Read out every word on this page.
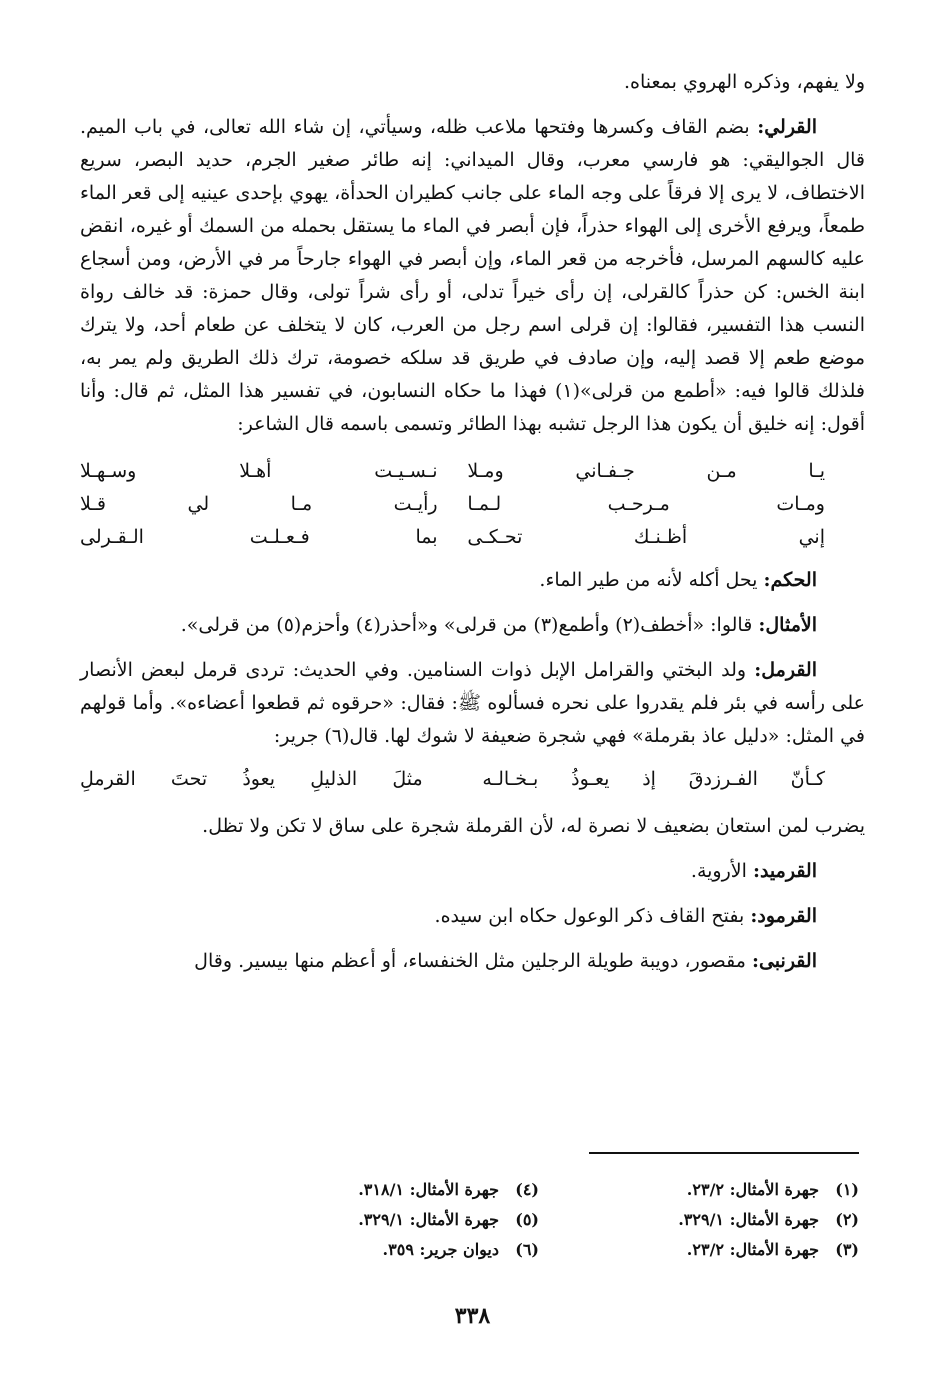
ولا يفهم، وذكره الهروي بمعناه.

القرلي: بضم القاف وكسرها وفتحها ملاعب ظله، وسيأتي، إن شاء الله تعالى، في باب الميم. قال الجواليقي: هو فارسي معرب، وقال الميداني: إنه طائر صغير الجرم، حديد البصر، سريع الاختطاف، لا يرى إلا فرقاً على وجه الماء على جانب كطيران الحدأة، يهوي بإحدى عينيه إلى قعر الماء طمعاً، ويرفع الأخرى إلى الهواء حذراً، فإن أبصر في الماء ما يستقل بحمله من السمك أو غيره، انقض عليه كالسهم المرسل، فأخرجه من قعر الماء، وإن أبصر في الهواء جارحاً مر في الأرض، ومن أسجاع ابنة الخس: كن حذراً كالقرلى، إن رأى خيراً تدلى، أو رأى شراً تولى، وقال حمزة: قد خالف رواة النسب هذا التفسير، فقالوا: إن قرلى اسم رجل من العرب، كان لا يتخلف عن طعام أحد، ولا يترك موضع طعم إلا قصد إليه، وإن صادف في طريق قد سلكه خصومة، ترك ذلك الطريق ولم يمر به، فلذلك قالوا فيه: «أطمع من قرلى»(١) فهذا ما حكاه النسابون، في تفسير هذا المثل، ثم قال: وأنا أقول: إنه خليق أن يكون هذا الرجل تشبه بهذا الطائر وتسمى باسمه قال الشاعر:

يـا مـن جـفـاني ومـلا
نـسـيـت أهـلا وسـهـلا
ومـات مـرحـب لـمـا
رأيـت مـا لي قـلا
إني أظـنـك تحـكـى
بما فـعـلـت الـقـرلى

الحكم: يحل أكله لأنه من طير الماء.

الأمثال: قالوا: «أخطف(٢) وأطمع(٣) من قرلى» و«أحذر(٤) وأحزم(٥) من قرلى».

القرمل: ولد البختي والقرامل الإبل ذوات السنامين. وفي الحديث: تردى قرمل لبعض الأنصار على رأسه في بئر فلم يقدروا على نحره فسألوه ﷺ: فقال: «حرقوه ثم قطعوا أعضاءه». وأما قولهم في المثل: «دليل عاذ بقرملة» فهي شجرة ضعيفة لا شوك لها. قال(٦) جرير:

كـأنّ الفـرزدقَ إذ يعـوذُ بـخـالـه
مثلَ الذليلِ يعوذُ تحتَ القرملِ

يضرب لمن استعان بضعيف لا نصرة له، لأن القرملة شجرة على ساق لا تكن ولا تظل.

القرميد: الأروية.

القرمود: بفتح القاف ذكر الوعول حكاه ابن سيده.

القرنبى: مقصور، دويبة طويلة الرجلين مثل الخنفساء، أو أعظم منها بيسير. وقال

(١)جهرة الأمثال: ٢٣/٢.
(٤)جهرة الأمثال: ٣١٨/١.
(٢)جهرة الأمثال: ٣٢٩/١.
(٥)جهرة الأمثال: ٣٢٩/١.
(٣)جهرة الأمثال: ٢٣/٢.
(٦)ديوان جرير: ٣٥٩.
٣٣٨
